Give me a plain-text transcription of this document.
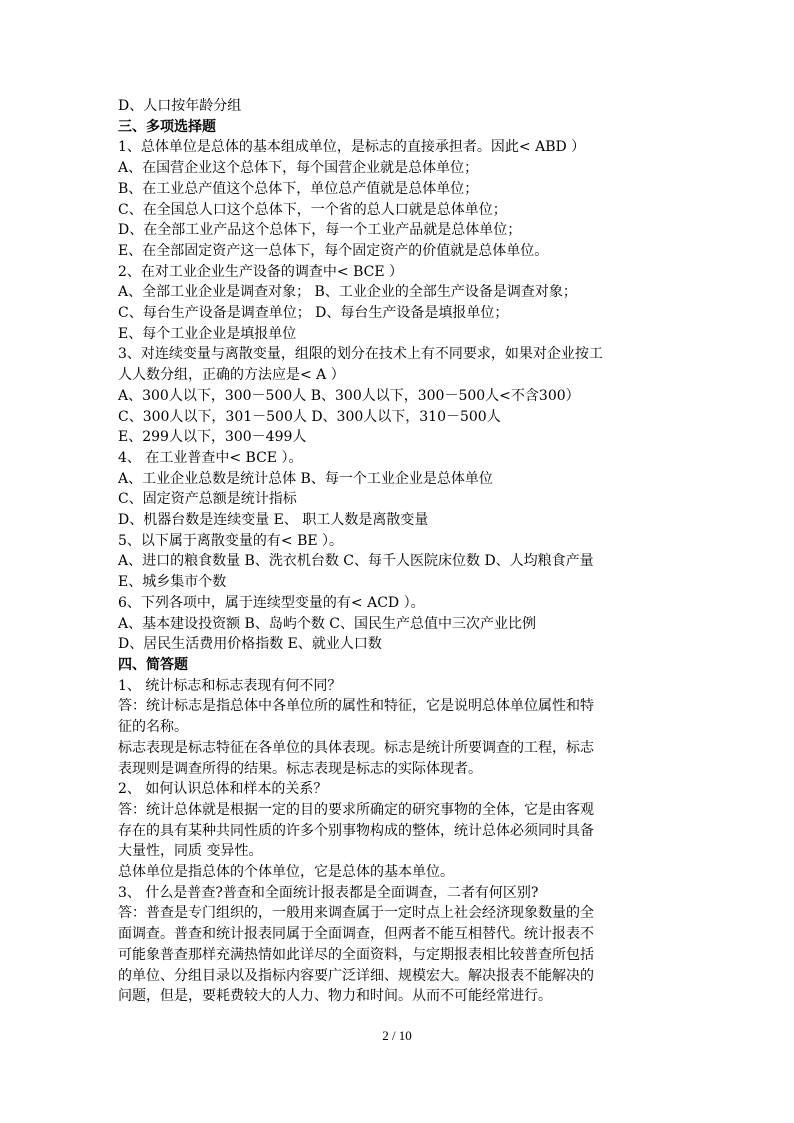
D、人口按年龄分组
三、多项选择题
1、总体单位是总体的基本组成单位，是标志的直接承担者。因此< ABD ）
A、在国营企业这个总体下，每个国营企业就是总体单位；
B、在工业总产值这个总体下，单位总产值就是总体单位；
C、在全国总人口这个总体下，一个省的总人口就是总体单位；
D、在全部工业产品这个总体下，每一个工业产品就是总体单位；
E、在全部固定资产这一总体下，每个固定资产的价值就是总体单位。
2、在对工业企业生产设备的调查中< BCE ）
A、全部工业企业是调查对象； B、工业企业的全部生产设备是调查对象；
C、每台生产设备是调查单位； D、每台生产设备是填报单位；
E、每个工业企业是填报单位
3、对连续变量与离散变量，组限的划分在技术上有不同要求，如果对企业按工
人人数分组，正确的方法应是< A ）
A、300人以下，300－500人 B、300人以下，300－500人<不含300）
C、300人以下，301－500人 D、300人以下，310－500人
E、299人以下，300－499人
4、 在工业普查中< BCE ）。
A、工业企业总数是统计总体 B、每一个工业企业是总体单位
C、固定资产总额是统计指标
D、机器台数是连续变量 E、 职工人数是离散变量
5、以下属于离散变量的有< BE ）。
A、进口的粮食数量 B、洗衣机台数 C、每千人医院床位数 D、人均粮食产量
E、城乡集市个数
6、下列各项中，属于连续型变量的有< ACD ）。
A、基本建设投资额 B、岛屿个数 C、国民生产总值中三次产业比例
D、居民生活费用价格指数 E、就业人口数
四、简答题
1、 统计标志和标志表现有何不同？
答：统计标志是指总体中各单位所的属性和特征，它是说明总体单位属性和特
征的名称。
标志表现是标志特征在各单位的具体表现。标志是统计所要调查的工程，标志
表现则是调查所得的结果。标志表现是标志的实际体现者。
2、 如何认识总体和样本的关系？
答：统计总体就是根据一定的目的要求所确定的研究事物的全体，它是由客观
存在的具有某种共同性质的许多个别事物构成的整体，统计总体必须同时具备
大量性，同质 变异性。
总体单位是指总体的个体单位，它是总体的基本单位。
3、 什么是普查?普查和全面统计报表都是全面调查，二者有何区别?
答：普查是专门组织的，一般用来调查属于一定时点上社会经济现象数量的全
面调查。普查和统计报表同属于全面调查，但两者不能互相替代。统计报表不
可能象普查那样充满热情如此详尽的全面资料，与定期报表相比较普查所包括
的单位、分组目录以及指标内容要广泛详细、规模宏大。解决报表不能解决的
问题，但是，要耗费较大的人力、物力和时间。从而不可能经常进行。
2 / 10
